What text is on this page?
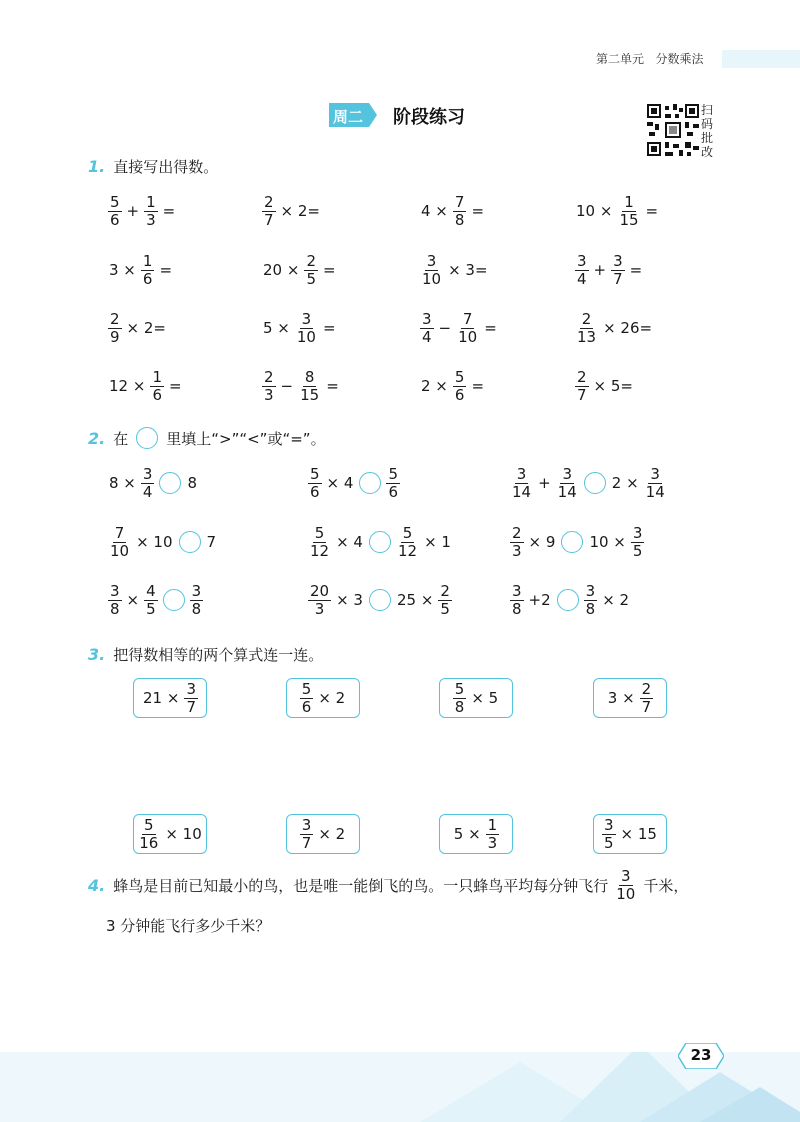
第二单元 分数乘法
周二 阶段练习	扫码批改
1. 直接写出得数。
$\frac{5}{6} + \frac{1}{3}$ =	$\frac{2}{7} \times 2=$	$4 \times \frac{7}{8}$ =	$10 \times \frac{1}{15}$ =
$3 \times \frac{1}{6}$ =	$20 \times \frac{2}{5}$ =	$\frac{3}{10} \times 3=$	$\frac{3}{4} + \frac{3}{7}$ =
$\frac{2}{9} \times 2=$	$5 \times \frac{3}{10}$ =	$\frac{3}{4} - \frac{7}{10}$ =	$\frac{2}{13} \times 26=$
$12 \times \frac{1}{6}$ =	$\frac{2}{3} - \frac{8}{15}$ =	$2 \times \frac{5}{6}$ =	$\frac{2}{7} \times 5=$
2. 在	里填上“>”“<”或“=”。
$8 \times \frac{3}{4} 8$	$\frac{5}{6} \times 4 \frac{5}{6}$	$\frac{3}{14} + \frac{3}{14} 2 \times \frac{3}{14}$
$\frac{7}{10} \times 10$ 7	$\frac{5}{12} \times 4 \frac{5}{12} \times 1$	$\frac{2}{3} \times 9$ $10 \times \frac{3}{5}$
$\frac{3}{8} \times \frac{4}{5} \frac{3}{8}$	$\frac{20}{3} \times 3$ $25 \times \frac{2}{5}$	$\frac{3}{8} +2 \frac{3}{8} \times 2$
3. 把得数相等的两个算式连一连。
$21 \times \frac{3}{7}$	$\frac{5}{6} \times 2$	$\frac{5}{8} \times 5$	$3 \times \frac{2}{7}$
$\frac{5}{16} \times 10$	$\frac{3}{7} \times 2$	$5 \times \frac{1}{3}$	$\frac{3}{5} \times 15$
4. 蜂鸟是目前已知最小的鸟，也是唯一能倒飞的鸟。一只蜂鸟平均每分钟飞行 $\frac{3}{10}$ 千米，
3 分钟能飞行多少千米？
23
